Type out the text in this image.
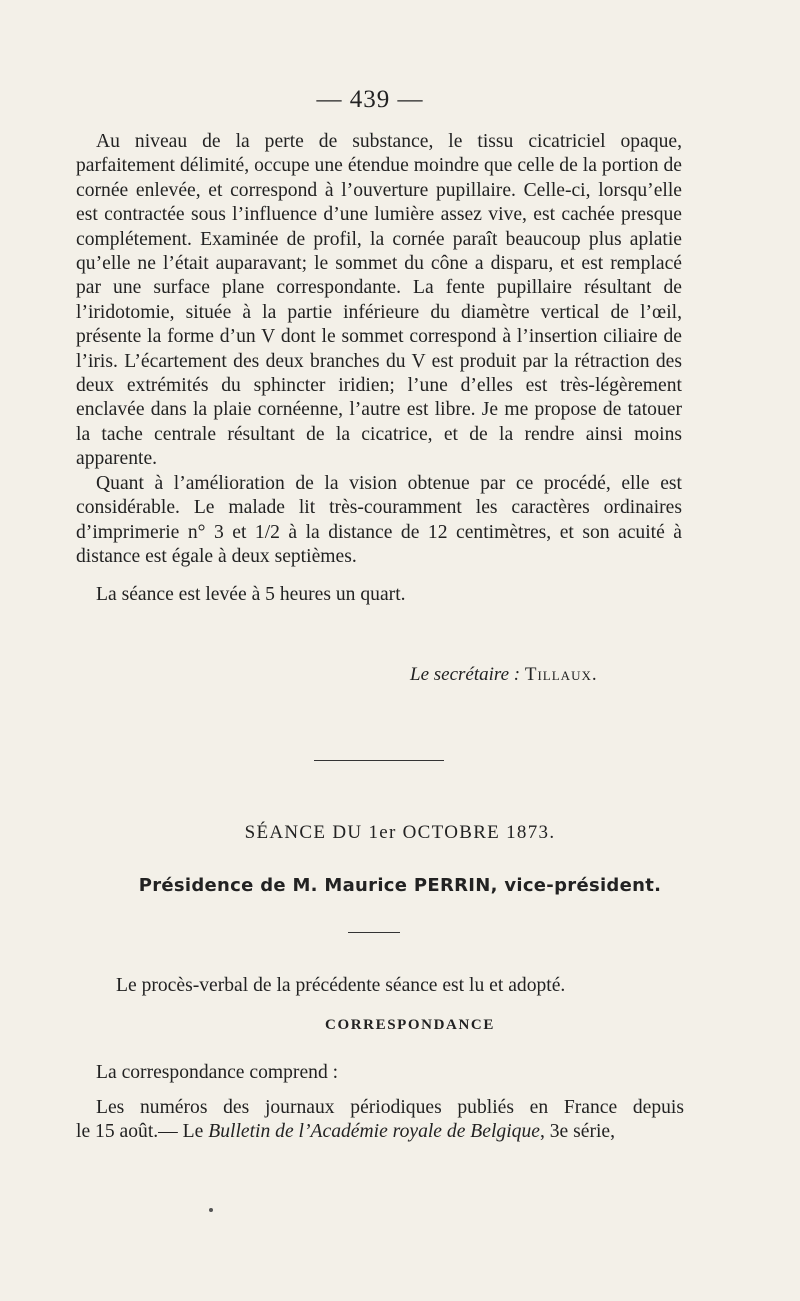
— 439 —

Au niveau de la perte de substance, le tissu cicatriciel opaque, parfaitement délimité, occupe une étendue moindre que celle de la portion de cornée enlevée, et correspond à l’ouverture pupillaire. Celle-ci, lorsqu’elle est contractée sous l’influence d’une lumière assez vive, est cachée presque complétement. Examinée de profil, la cornée paraît beaucoup plus aplatie qu’elle ne l’était auparavant; le sommet du cône a disparu, et est remplacé par une surface plane correspondante. La fente pupillaire résultant de l’iridotomie, située à la partie inférieure du diamètre vertical de l’œil, présente la forme d’un V dont le sommet correspond à l’insertion ciliaire de l’iris. L’écartement des deux branches du V est produit par la rétraction des deux extrémités du sphincter iridien; l’une d’elles est très-légèrement enclavée dans la plaie cornéenne, l’autre est libre. Je me propose de tatouer la tache centrale résultant de la cicatrice, et de la rendre ainsi moins apparente.

Quant à l’amélioration de la vision obtenue par ce procédé, elle est considérable. Le malade lit très-couramment les caractères ordinaires d’imprimerie n° 3 et 1/2 à la distance de 12 centimètres, et son acuité à distance est égale à deux septièmes.

La séance est levée à 5 heures un quart.

Le secrétaire : Tillaux.
SÉANCE DU 1er OCTOBRE 1873.
Présidence de M. Maurice PERRIN, vice-président.
Le procès-verbal de la précédente séance est lu et adopté.
CORRESPONDANCE
La correspondance comprend :
Les numéros des journaux périodiques publiés en France depuis
le 15 août.— Le Bulletin de l’Académie royale de Belgique, 3e série,
